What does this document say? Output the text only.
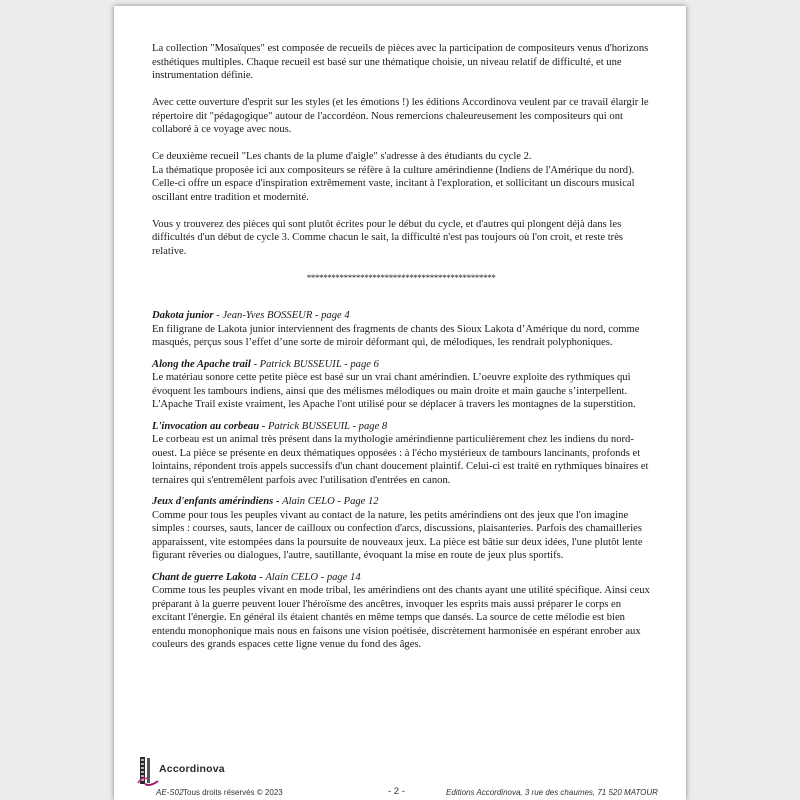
La collection "Mosaïques" est composée de recueils de pièces avec la participation de compositeurs venus d'horizons esthétiques multiples. Chaque recueil est basé sur une thématique choisie, un niveau relatif de difficulté, et une instrumentation définie.

Avec cette ouverture d'esprit sur les styles (et les émotions !) les éditions Accordinova veulent par ce travail élargir le répertoire dit "pédagogique" autour de l'accordéon. Nous remercions chaleureusement les compositeurs qui ont collaboré à ce voyage avec nous.

Ce deuxième recueil "Les chants de la plume d'aigle" s'adresse à des étudiants du cycle 2.
La thématique proposée ici aux compositeurs se réfère à la culture amérindienne (Indiens de l'Amérique du nord). Celle-ci offre un espace d'inspiration extrêmement vaste, incitant à l'exploration, et sollicitant un discours musical oscillant entre tradition et modernité.

Vous y trouverez des pièces qui sont plutôt écrites pour le début du cycle, et d'autres qui plongent déjà dans les difficultés d'un début de cycle 3. Comme chacun le sait, la difficulté n'est pas toujours où l'on croit, et reste très relative.

**********************************************

Dakota junior - Jean-Yves BOSSEUR - page 4

En filigrane de Lakota junior interviennent des fragments de chants des Sioux Lakota d’Amérique du nord, comme masqués, perçus sous l’effet d’une sorte de miroir déformant qui, de mélodiques, les rendrait polyphoniques.

Along the Apache trail - Patrick BUSSEUIL - page 6

Le matériau sonore cette petite pièce est basé sur un vrai chant amérindien. L’oeuvre exploite des rythmiques qui évoquent les tambours indiens, ainsi que des mélismes mélodiques ou main droite et main gauche s’interpellent. L'Apache Trail existe vraiment, les Apache l'ont utilisé pour se déplacer à travers les montagnes de la superstition.

L'invocation au corbeau - Patrick BUSSEUIL - page 8

Le corbeau est un animal très présent dans la mythologie amérindienne particulièrement chez les indiens du nord-ouest. La pièce se présente en deux thématiques opposées : à l'écho mystérieux de tambours lancinants, profonds et lointains, répondent trois appels successifs d'un chant doucement plaintif. Celui-ci est traité en rythmiques binaires et ternaires qui s'entremêlent parfois avec l'utilisation d'entrées en canon.

Jeux d'enfants amérindiens - Alain CELO - Page 12

Comme pour tous les peuples vivant au contact de la nature, les petits amérindiens ont des jeux que l'on imagine simples : courses, sauts, lancer de cailloux ou confection d'arcs, discussions, plaisanteries. Parfois des chamailleries apparaissent, vite estompées dans la poursuite de nouveaux jeux. La pièce est bâtie sur deux idées, l'une plutôt lente figurant rêveries ou dialogues, l'autre, sautillante, évoquant la mise en route de jeux plus sportifs.

Chant de guerre Lakota - Alain CELO - page 14

Comme tous les peuples vivant en mode tribal, les amérindiens ont des chants ayant une utilité spécifique. Ainsi ceux préparant à la guerre peuvent louer l'héroïsme des ancêtres, invoquer les esprits mais aussi préparer le corps en excitant l'énergie. En général ils étaient chantés en même temps que dansés. La source de cette mélodie est bien entendu monophonique mais nous en faisons une vision poétisée, discrètement harmonisée en espérant enrober aux couleurs des grands espaces cette ligne venue du fond des âges.

Accordinova
AE-S02 Tous droits réservés © 2023	- 2 -	Editions Accordinova, 3 rue des chaumes, 71 520 MATOUR
